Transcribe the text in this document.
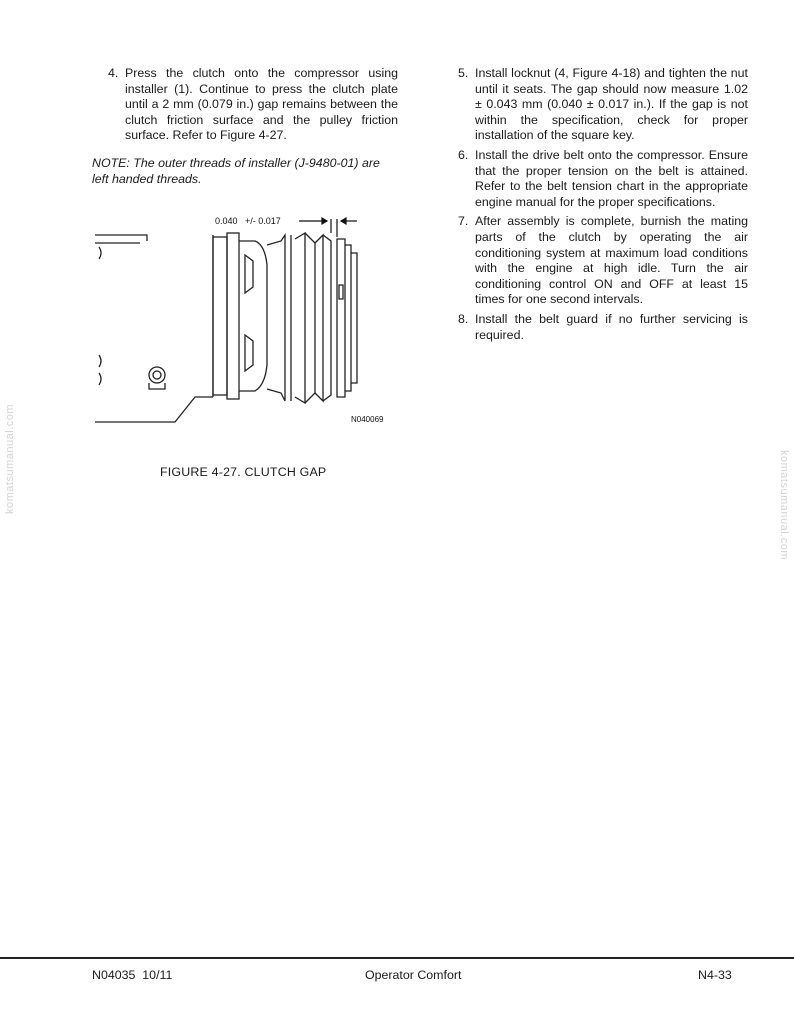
4. Press the clutch onto the compressor using installer (1). Continue to press the clutch plate until a 2 mm (0.079 in.) gap remains between the clutch friction surface and the pulley friction surface. Refer to Figure 4-27.
NOTE: The outer threads of installer (J-9480-01) are left handed threads.
0.040   +/- 0.017
N040069
FIGURE 4-27. CLUTCH GAP
5. Install locknut (4, Figure 4-18) and tighten the nut until it seats. The gap should now measure 1.02 ± 0.043 mm (0.040 ± 0.017 in.). If the gap is not within the specification, check for proper installation of the square key.
6. Install the drive belt onto the compressor. Ensure that the proper tension on the belt is attained. Refer to the belt tension chart in the appropriate engine manual for the proper specifications.
7. After assembly is complete, burnish the mating parts of the clutch by operating the air conditioning system at maximum load conditions with the engine at high idle. Turn the air conditioning control ON and OFF at least 15 times for one second intervals.
8. Install the belt guard if no further servicing is required.
komatsumanual.com	komatsumanual.com
N04035  10/11	Operator Comfort	N4-33
